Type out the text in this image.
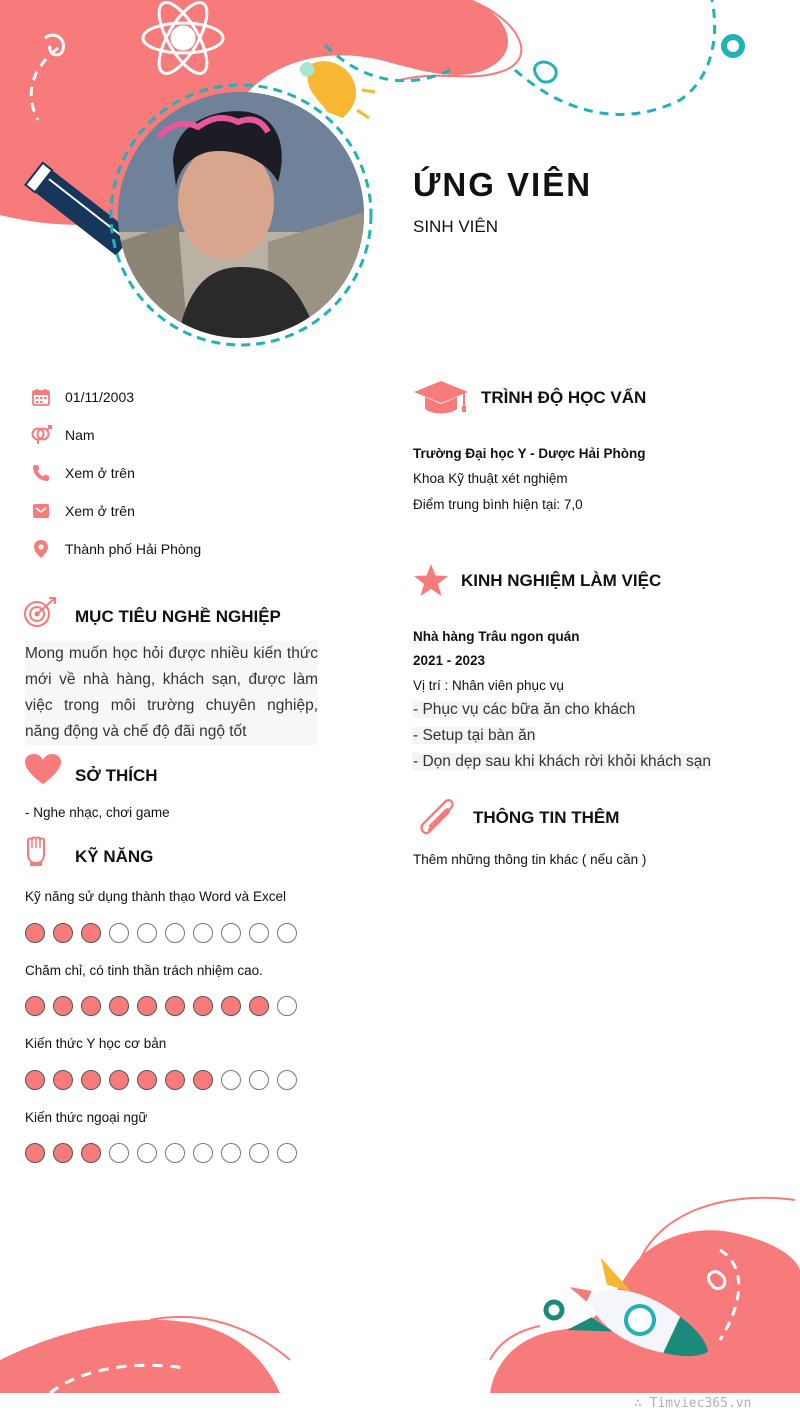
ỨNG VIÊN
SINH VIÊN
01/11/2003
Nam
Xem ở trên
Xem ở trên
Thành phố Hải Phòng
MỤC TIÊU NGHỀ NGHIỆP
Mong muốn học hỏi được nhiều kiến thức mới về nhà hàng, khách sạn, được làm việc trong môi trường chuyên nghiệp, năng động và chế độ đãi ngộ tốt
SỞ THÍCH
- Nghe nhạc, chơi game
KỸ NĂNG
Kỹ năng sử dụng thành thạo Word và Excel
Chăm chỉ, có tinh thần trách nhiệm cao.
Kiến thức Y học cơ bản
Kiến thức ngoại ngữ
TRÌNH ĐỘ HỌC VẤN
Trường Đại học Y - Dược Hải Phòng
Khoa Kỹ thuật xét nghiệm
Điểm trung bình hiện tại: 7,0
KINH NGHIỆM LÀM VIỆC
Nhà hàng Trâu ngon quán
2021 - 2023
Vị trí : Nhân viên phục vụ
- Phục vụ các bữa ăn cho khách
- Setup tại bàn ăn
- Dọn dẹp sau khi khách rời khỏi khách sạn
THÔNG TIN THÊM
Thêm những thông tin khác ( nếu cần )
∴ Timviec365.vn
